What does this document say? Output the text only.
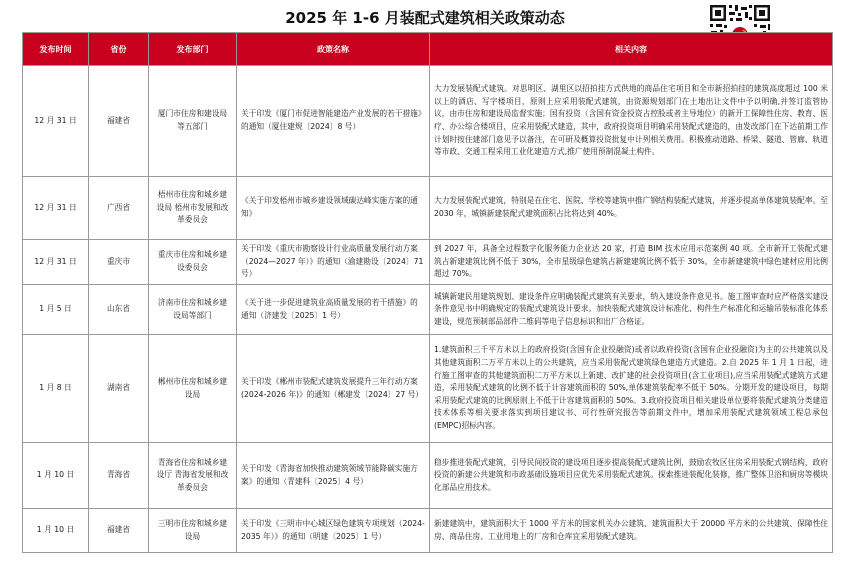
2025 年 1-6 月装配式建筑相关政策动态
发布时间	省份	发布部门	政策名称	相关内容
12 月 31 日	福建省	厦门市住房和建设局等五部门	关于印发《厦门市促进智能建造产业发展的若干措施》的通知（厦住建规〔2024〕8 号）	大力发展装配式建筑。对思明区、湖里区以招拍挂方式供地的商品住宅项目和全市新招拍挂的建筑高度超过 100 米以上的酒店、写字楼项目，原则上应采用装配式建筑，由资源规划部门在土地出让文件中予以明确,并签订监管协议，由市住房和建设局监督实施；国有投资（含国有资金投资占控股或者主导地位）的新开工保障性住房、教育、医疗、办公综合楼项目，应采用装配式建造，其中，政府投资项目明确采用装配式建造的，由发改部门在下达前期工作计划时按住建部门意见予以备注，在可研及概算投资批复中计列相关费用。积极推动道路、桥梁、隧道、管廊、轨道等市政、交通工程采用工业化建造方式,推广使用预制混凝土构件。
12 月 31 日	广西省	梧州市住房和城乡建设局 梧州市发展和改革委员会	《关于印发梧州市城乡建设领域碳达峰实施方案的通知》	大力发展装配式建筑，特别是在住宅、医院、学校等建筑中推广钢结构装配式建筑，并逐步提高单体建筑装配率。至 2030 年，城镇新建装配式建筑面积占比将达到 40%。
12 月 31 日	重庆市	重庆市住房和城乡建设委员会	关于印发《重庆市勘察设计行业高质量发展行动方案（2024—2027 年）》的通知（渝建勘设〔2024〕71 号）	到 2027 年，具备全过程数字化服务能力企业达 20 家，打造 BIM 技术应用示范案例 40 项。全市新开工装配式建筑占新建建筑比例不低于 30%，全市星级绿色建筑占新建建筑比例不低于 30%，全市新建建筑中绿色建材应用比例超过 70%。
1 月 5 日	山东省	济南市住房和城乡建设局等部门	《关于进一步促进建筑业高质量发展的若干措施》的通知（济建发〔2025〕1 号）	城镇新建民用建筑规划、建设条件应明确装配式建筑有关要求，纳入建设条件意见书。施工图审查时应严格落实建设条件意见书中明确规定的装配式建筑设计要求。加快装配式建筑设计标准化、构件生产标准化和运输吊装标准化体系建设，规范预制部品部件二维码等电子信息标识和出厂合格证。
1 月 8 日	湖南省	郴州市住房和城乡建设局	关于印发《郴州市装配式建筑发展提升三年行动方案(2024-2026 年)》的通知（郴建发〔2024〕27 号）	1.建筑面积三千平方米以上的政府投资(含国有企业投融资)或者以政府投资(含国有企业投融资)为主的公共建筑以及其他建筑面积二万平方米以上的公共建筑，应当采用装配式建筑绿色建造方式建造。2.自 2025 年 1 月 1 日起，进行施工图审查的其他建筑面积二万平方米以上新建、改扩建的社会投资项目(含工业项目),应当采用装配式建筑方式建造，采用装配式建筑的比例不低于计容建筑面积的 50%,单体建筑装配率不低于 50%。分期开发的建设项目，每期采用装配式建筑的比例原则上不低于计容建筑面积的 50%。3.政府投资项目相关建设单位要将装配式建筑分类建造技术体系等相关要求落实到项目建议书、可行性研究报告等前期文件中，增加采用装配式建筑领域工程总承包(EMPC)招标内容。
1 月 10 日	青海省	青海省住房和城乡建设厅 青海省发展和改革委员会	关于印发《青海省加快推动建筑领域节能降碳实施方案》的通知（青建科〔2025〕4 号）	稳步推进装配式建筑，引导民间投资的建设项目逐步提高装配式建筑比例，鼓励农牧区住房采用装配式钢结构，政府投资的新建公共建筑和市政基础设施项目应优先采用装配式建筑。探索推进装配化装修，推广整体卫浴和厨房等模块化部品应用技术。
1 月 10 日	福建省	三明市住房和城乡建设局	关于印发《三明市中心城区绿色建筑专项规划（2024-2035 年）》的通知（明建〔2025〕1 号）	新建建筑中，建筑面积大于 1000 平方米的国家机关办公建筑、建筑面积大于 20000 平方米的公共建筑、保障性住房、商品住房、工业用地上的厂房和仓库宜采用装配式建筑。
